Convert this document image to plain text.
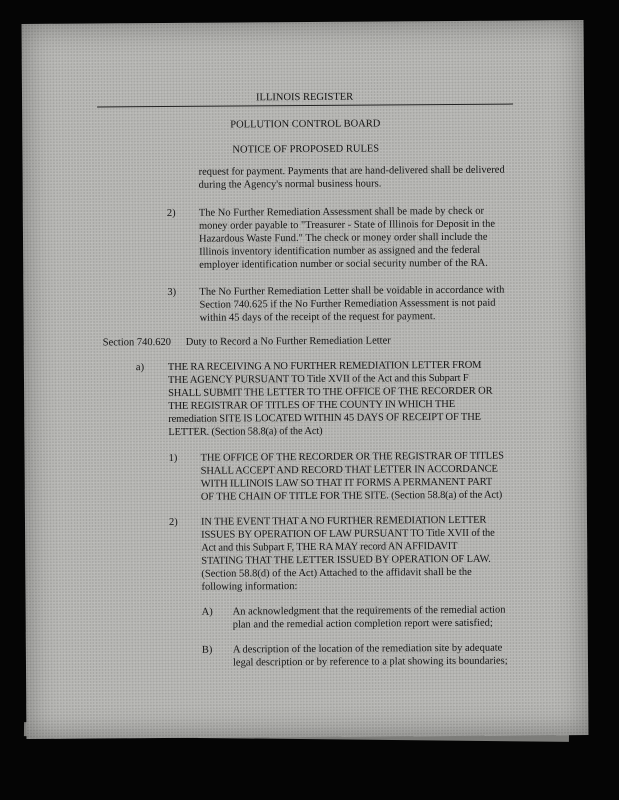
ILLINOIS REGISTER
POLLUTION CONTROL BOARD
NOTICE OF PROPOSED RULES
request for payment. Payments that are hand-delivered shall be delivered
during the Agency's normal business hours.
2) The No Further Remediation Assessment shall be made by check or
money order payable to "Treasurer - State of Illinois for Deposit in the
Hazardous Waste Fund." The check or money order shall include the
Illinois inventory identification number as assigned and the federal
employer identification number or social security number of the RA.
3) The No Further Remediation Letter shall be voidable in accordance with
Section 740.625 if the No Further Remediation Assessment is not paid
within 45 days of the receipt of the request for payment.
Section 740.620 Duty to Record a No Further Remediation Letter
a) THE RA RECEIVING A NO FURTHER REMEDIATION LETTER FROM
THE AGENCY PURSUANT TO Title XVII of the Act and this Subpart F
SHALL SUBMIT THE LETTER TO THE OFFICE OF THE RECORDER OR
THE REGISTRAR OF TITLES OF THE COUNTY IN WHICH THE
remediation SITE IS LOCATED WITHIN 45 DAYS OF RECEIPT OF THE
LETTER. (Section 58.8(a) of the Act)
1) THE OFFICE OF THE RECORDER OR THE REGISTRAR OF TITLES
SHALL ACCEPT AND RECORD THAT LETTER IN ACCORDANCE
WITH ILLINOIS LAW SO THAT IT FORMS A PERMANENT PART
OF THE CHAIN OF TITLE FOR THE SITE. (Section 58.8(a) of the Act)
2) IN THE EVENT THAT A NO FURTHER REMEDIATION LETTER
ISSUES BY OPERATION OF LAW PURSUANT TO Title XVII of the
Act and this Subpart F, THE RA MAY record AN AFFIDAVIT
STATING THAT THE LETTER ISSUED BY OPERATION OF LAW.
(Section 58.8(d) of the Act) Attached to the affidavit shall be the
following information:
A) An acknowledgment that the requirements of the remedial action
plan and the remedial action completion report were satisfied;
B) A description of the location of the remediation site by adequate
legal description or by reference to a plat showing its boundaries;
